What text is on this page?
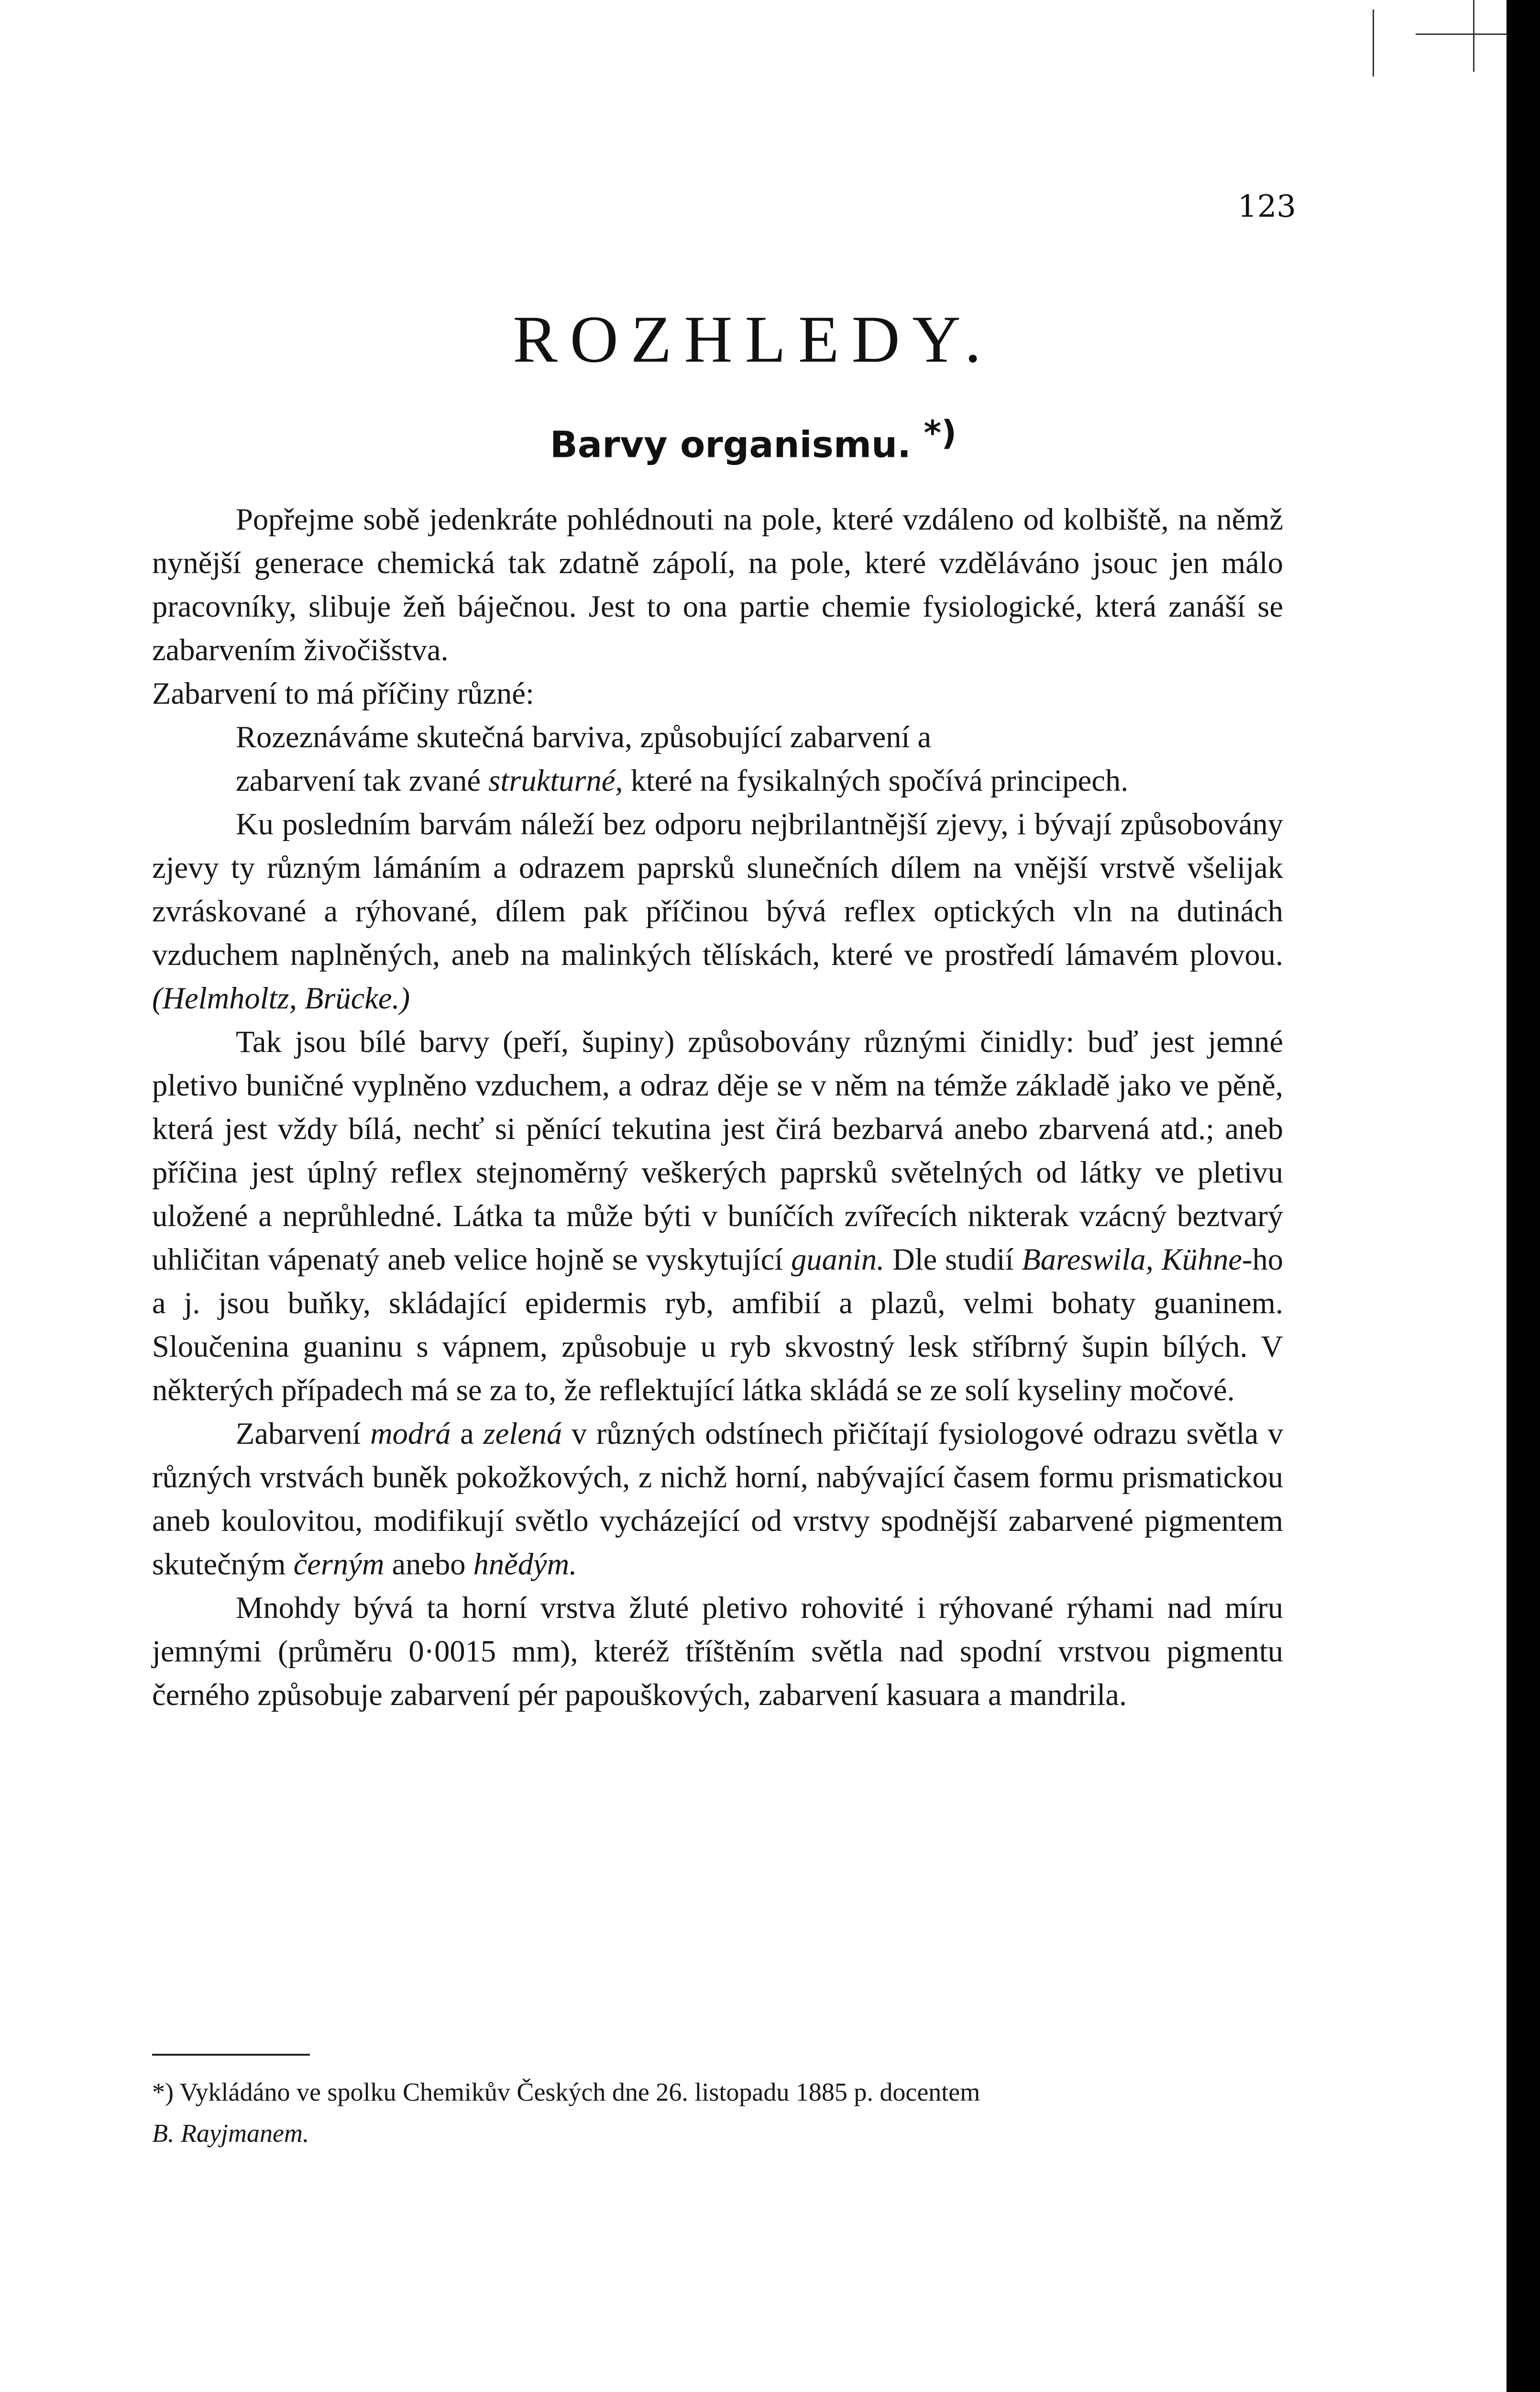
123
ROZHLEDY.
Barvy organismu. *)

Popřejme sobě jedenkráte pohlédnouti na pole, které vzdáleno od kolbiště, na němž nynější generace chemická tak zdatně zápolí, na pole, které vzděláváno jsouc jen málo pracovníky, slibuje žeň báječnou. Jest to ona partie chemie fysiologické, která zanáší se zabarvením živočišstva.

Zabarvení to má příčiny různé:

Rozeznáváme skutečná barviva, způsobující zabarvení a

zabarvení tak zvané strukturné, které na fysikalných spočívá principech.

Ku posledním barvám náleží bez odporu nejbrilantnější zjevy, i bývají způsobovány zjevy ty různým lámáním a odrazem paprsků slunečních dílem na vnější vrstvě všelijak zvráskované a rýhované, dílem pak příčinou bývá reflex optických vln na dutinách vzduchem naplněných, aneb na malinkých tělískách, které ve prostředí lámavém plovou. (Helmholtz, Brücke.)

Tak jsou bílé barvy (peří, šupiny) způsobovány různými činidly: buď jest jemné pletivo buničné vyplněno vzduchem, a odraz děje se v něm na témže základě jako ve pěně, která jest vždy bílá, nechť si pěnící tekutina jest čirá bezbarvá anebo zbarvená atd.; aneb příčina jest úplný reflex stejnoměrný veškerých paprsků světelných od látky ve pletivu uložené a neprůhledné. Látka ta může býti v buníčích zvířecích nikterak vzácný beztvarý uhličitan vápenatý aneb velice hojně se vyskytující guanin. Dle studií Bareswila, Kühne-ho a j. jsou buňky, skládající epidermis ryb, amfibií a plazů, velmi bohaty guaninem. Sloučenina guaninu s vápnem, způsobuje u ryb skvostný lesk stříbrný šupin bílých. V některých případech má se za to, že reflektující látka skládá se ze solí kyseliny močové.

Zabarvení modrá a zelená v různých odstínech přičítají fysiologové odrazu světla v různých vrstvách buněk pokožkových, z nichž horní, nabývající časem formu prismatickou aneb koulovitou, modifikují světlo vycházející od vrstvy spodnější zabarvené pigmentem skutečným černým anebo hnědým.

Mnohdy bývá ta horní vrstva žluté pletivo rohovité i rýhované rýhami nad míru jemnými (průměru 0·0015 mm), kteréž tříštěním světla nad spodní vrstvou pigmentu černého způsobuje zabarvení pér papouškových, zabarvení kasuara a mandrila.

*) Vykládáno ve spolku Chemikův Českých dne 26. listopadu 1885 p. docentem

B. Rayjmanem.
